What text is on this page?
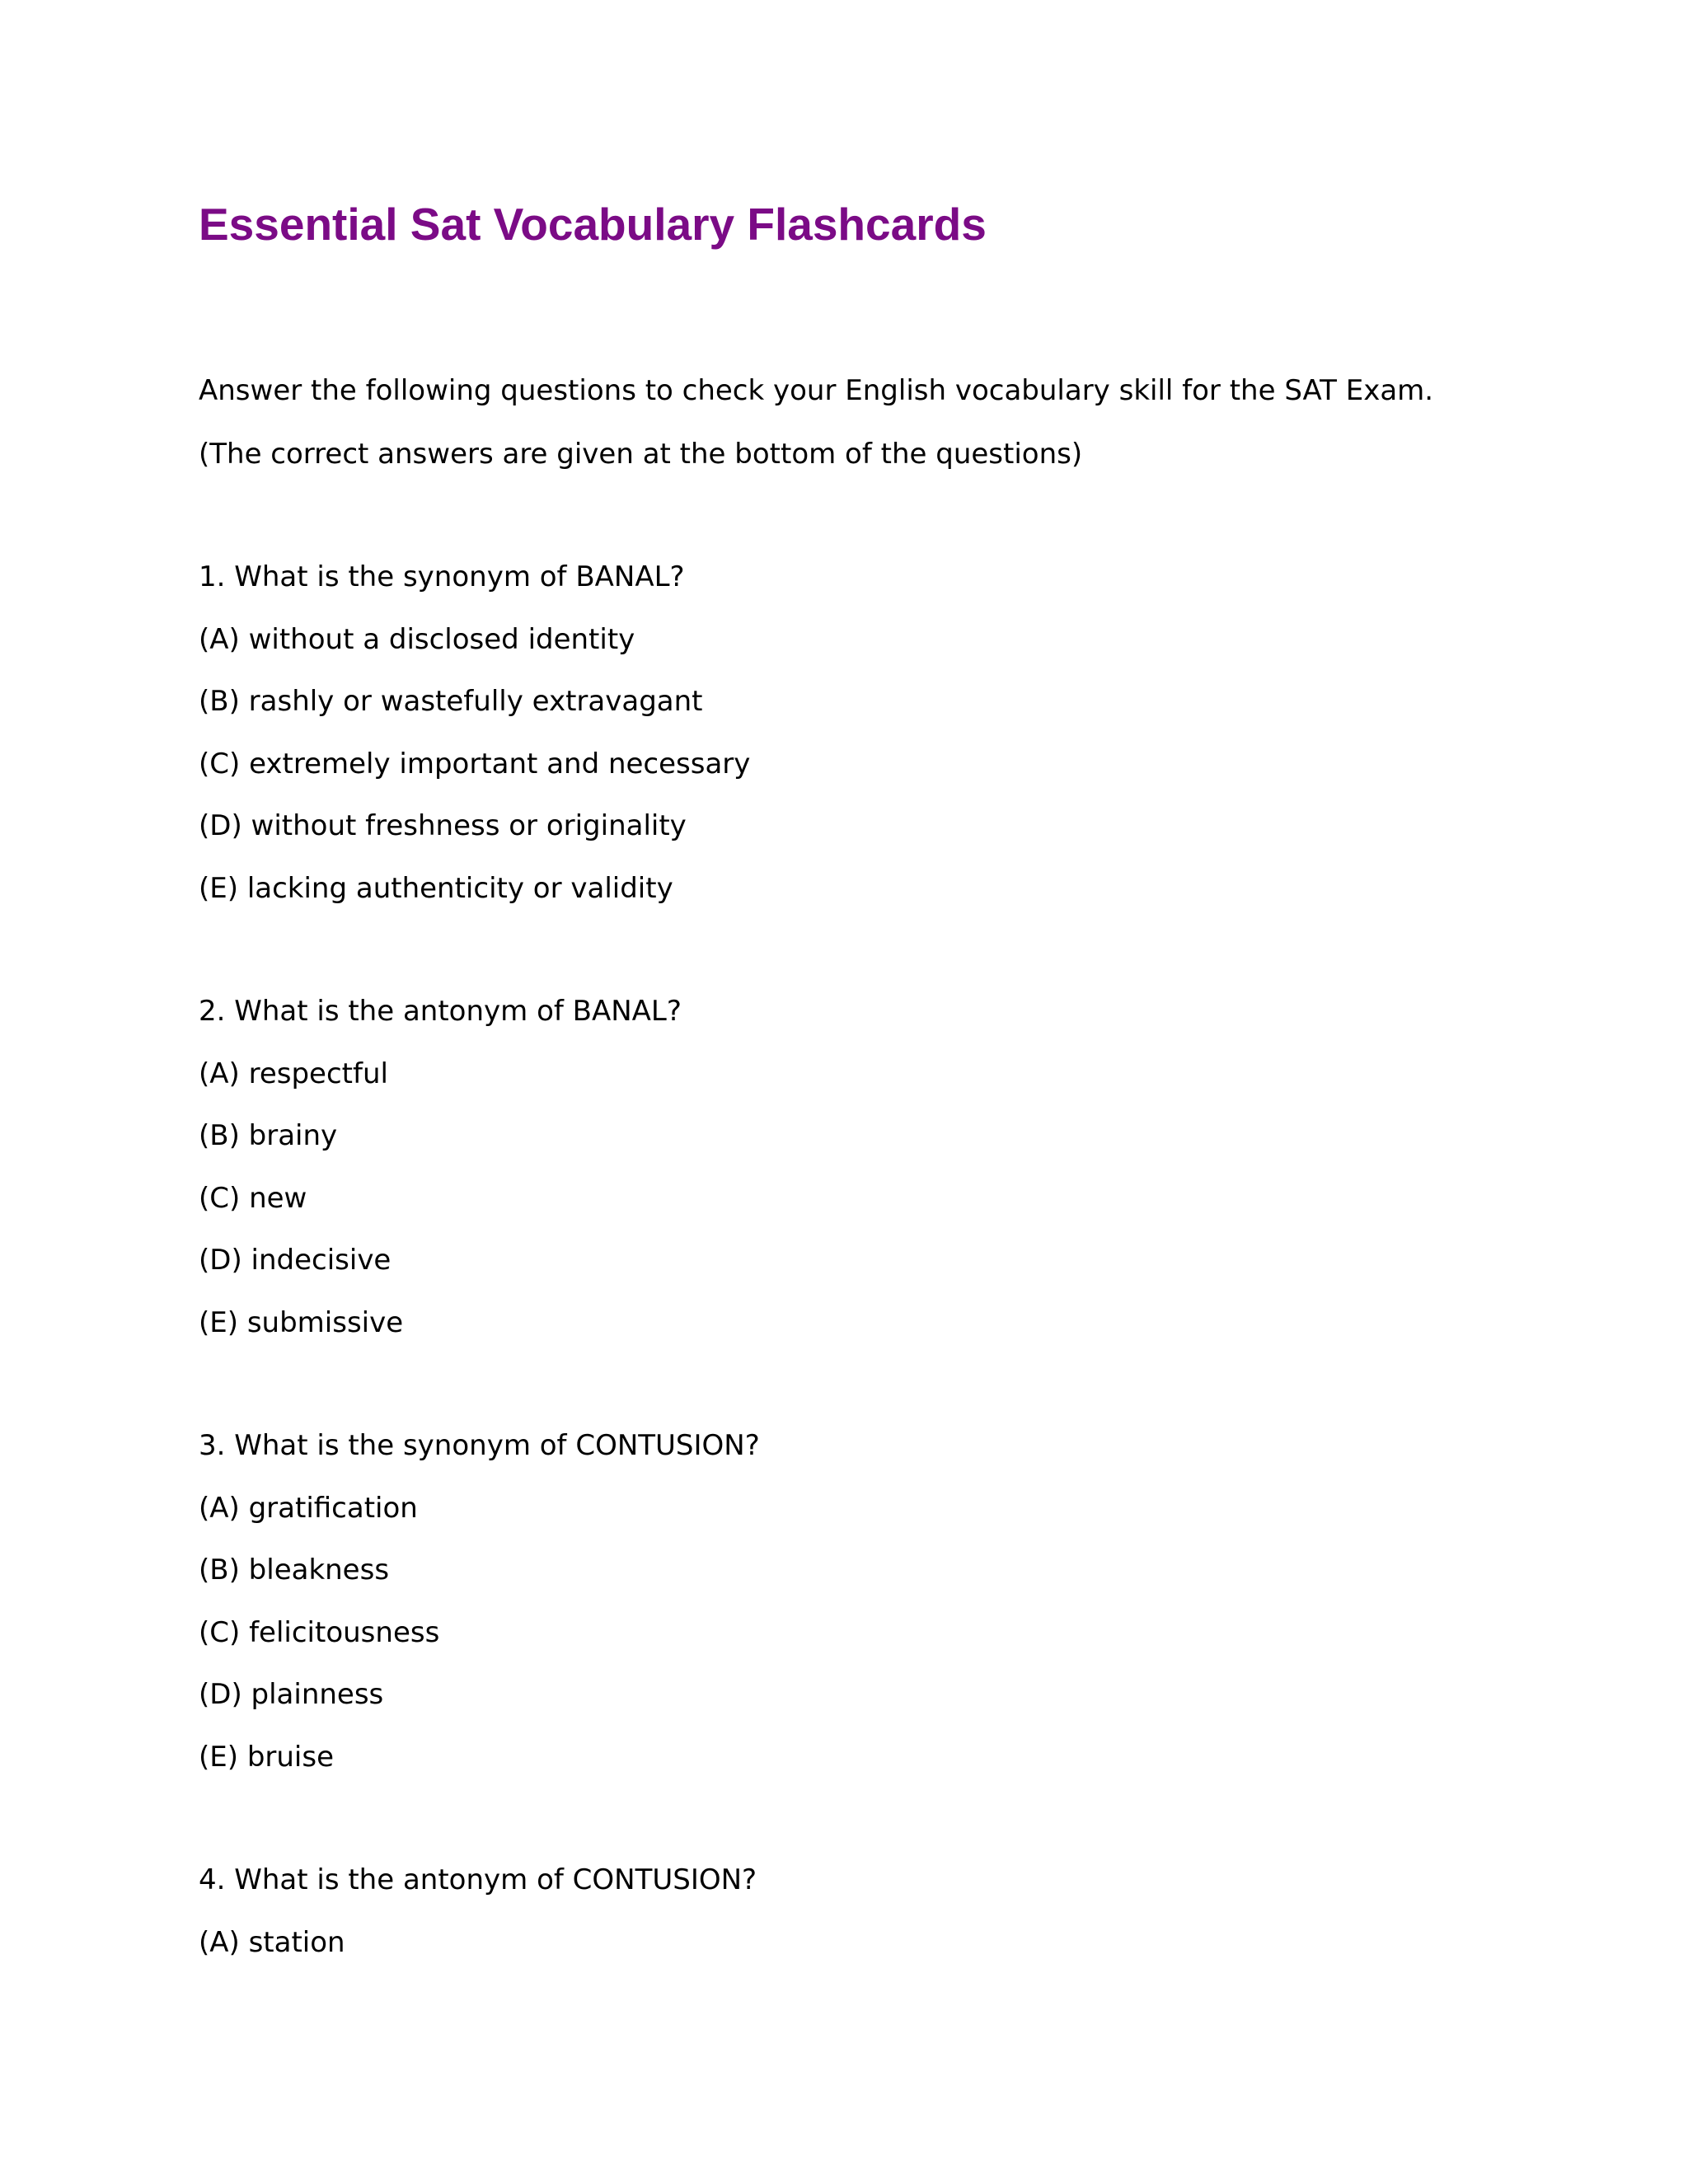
Essential Sat Vocabulary Flashcards

Answer the following questions to check your English vocabulary skill for the SAT Exam.

(The correct answers are given at the bottom of the questions)

1. What is the synonym of BANAL?

(A) without a disclosed identity

(B) rashly or wastefully extravagant

(C) extremely important and necessary

(D) without freshness or originality

(E) lacking authenticity or validity

2. What is the antonym of BANAL?

(A) respectful

(B) brainy

(C) new

(D) indecisive

(E) submissive

3. What is the synonym of CONTUSION?

(A) gratification

(B) bleakness

(C) felicitousness

(D) plainness

(E) bruise

4. What is the antonym of CONTUSION?

(A) station
